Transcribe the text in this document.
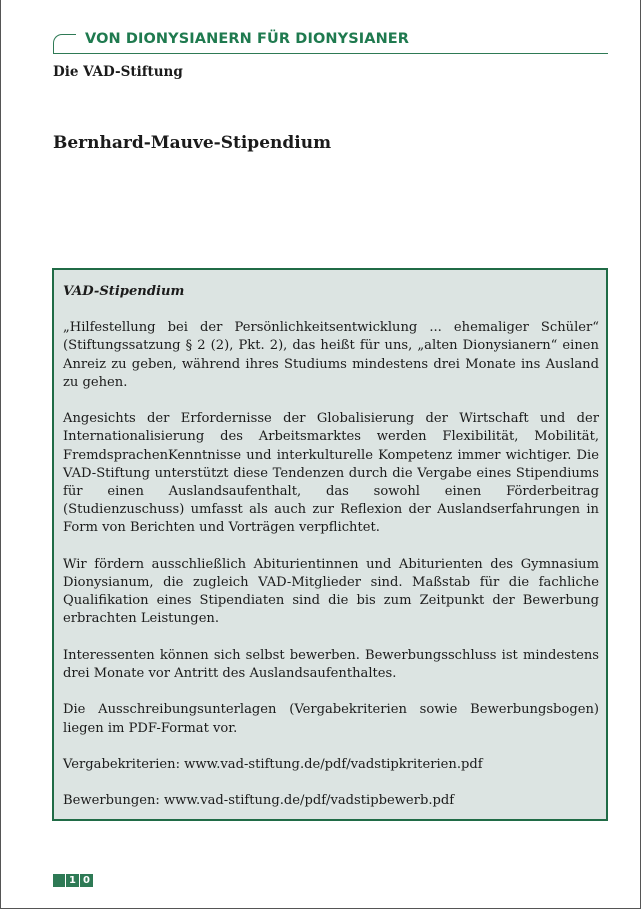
VON DIONYSIANERN FÜR DIONYSIANER
Die VAD-Stiftung
Bernhard-Mauve-Stipendium

VAD-Stipendium

„Hilfestellung bei der Persönlichkeitsentwicklung ... ehemaliger Schüler“ (Stiftungssatzung § 2 (2), Pkt. 2), das heißt für uns, „alten Dionysianern“ einen Anreiz zu geben, während ihres Studiums mindestens drei Monate ins Ausland zu gehen.

Angesichts der Erfordernisse der Globalisierung der Wirtschaft und der Internationalisierung des Arbeitsmarktes werden Flexibilität, Mobilität, FremdsprachenKenntnisse und interkulturelle Kompetenz immer wichtiger. Die VAD-Stiftung unterstützt diese Tendenzen durch die Vergabe eines Stipendiums für einen Auslandsaufenthalt, das sowohl einen Förderbeitrag (Studienzuschuss) umfasst als auch zur Reflexion der Auslandserfahrungen in Form von Berichten und Vorträgen verpflichtet.

Wir fördern ausschließlich Abiturientinnen und Abiturienten des Gymnasium Dionysianum, die zugleich VAD-Mitglieder sind. Maßstab für die fachliche Qualifikation eines Stipendiaten sind die bis zum Zeitpunkt der Bewerbung erbrachten Leistungen.

Interessenten können sich selbst bewerben. Bewerbungsschluss ist mindestens drei Monate vor Antritt des Auslandsaufenthaltes.

Die Ausschreibungsunterlagen (Vergabekriterien sowie Bewerbungsbogen) liegen im PDF-Format vor.

Vergabekriterien: www.vad-stiftung.de/pdf/vadstipkriterien.pdf

Bewerbungen: www.vad-stiftung.de/pdf/vadstipbewerb.pdf

1 0
